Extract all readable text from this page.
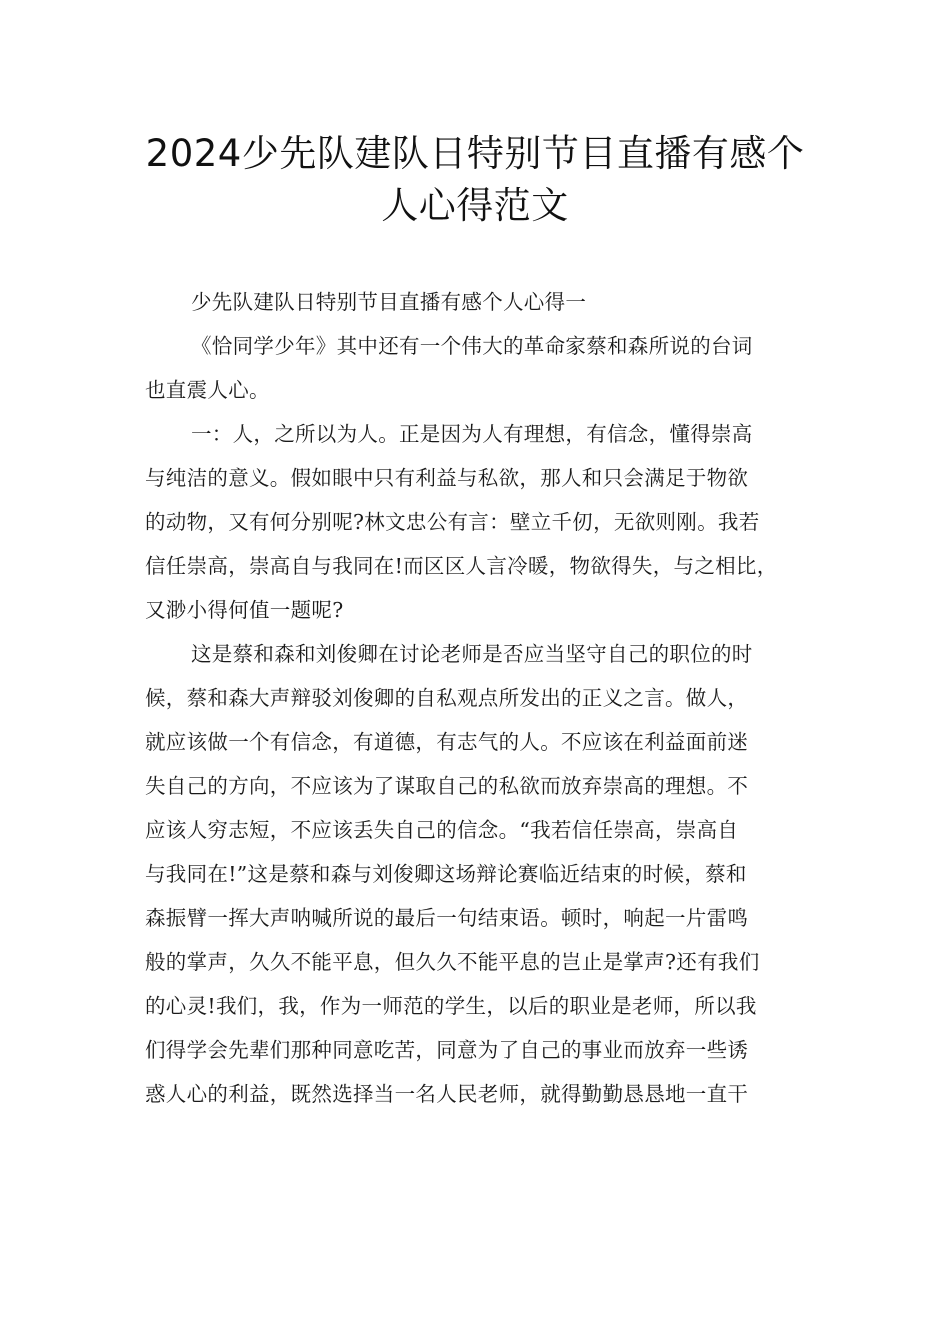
2024少先队建队日特别节目直播有感个
人心得范文

少先队建队日特别节目直播有感个人心得一

《恰同学少年》其中还有一个伟大的革命家蔡和森所说的台词

也直震人心。

一：人，之所以为人。正是因为人有理想，有信念，懂得崇高

与纯洁的意义。假如眼中只有利益与私欲，那人和只会满足于物欲

的动物，又有何分别呢?林文忠公有言：壁立千仞，无欲则刚。我若

信任崇高，崇高自与我同在!而区区人言冷暖，物欲得失，与之相比，

又渺小得何值一题呢?

这是蔡和森和刘俊卿在讨论老师是否应当坚守自己的职位的时

候，蔡和森大声辩驳刘俊卿的自私观点所发出的正义之言。做人，

就应该做一个有信念，有道德，有志气的人。不应该在利益面前迷

失自己的方向，不应该为了谋取自己的私欲而放弃崇高的理想。不

应该人穷志短，不应该丢失自己的信念。“我若信任崇高，崇高自

与我同在!”这是蔡和森与刘俊卿这场辩论赛临近结束的时候，蔡和

森振臂一挥大声呐喊所说的最后一句结束语。顿时，响起一片雷鸣

般的掌声，久久不能平息，但久久不能平息的岂止是掌声?还有我们

的心灵!我们，我，作为一师范的学生，以后的职业是老师，所以我

们得学会先辈们那种同意吃苦，同意为了自己的事业而放弃一些诱

惑人心的利益，既然选择当一名人民老师，就得勤勤恳恳地一直干
